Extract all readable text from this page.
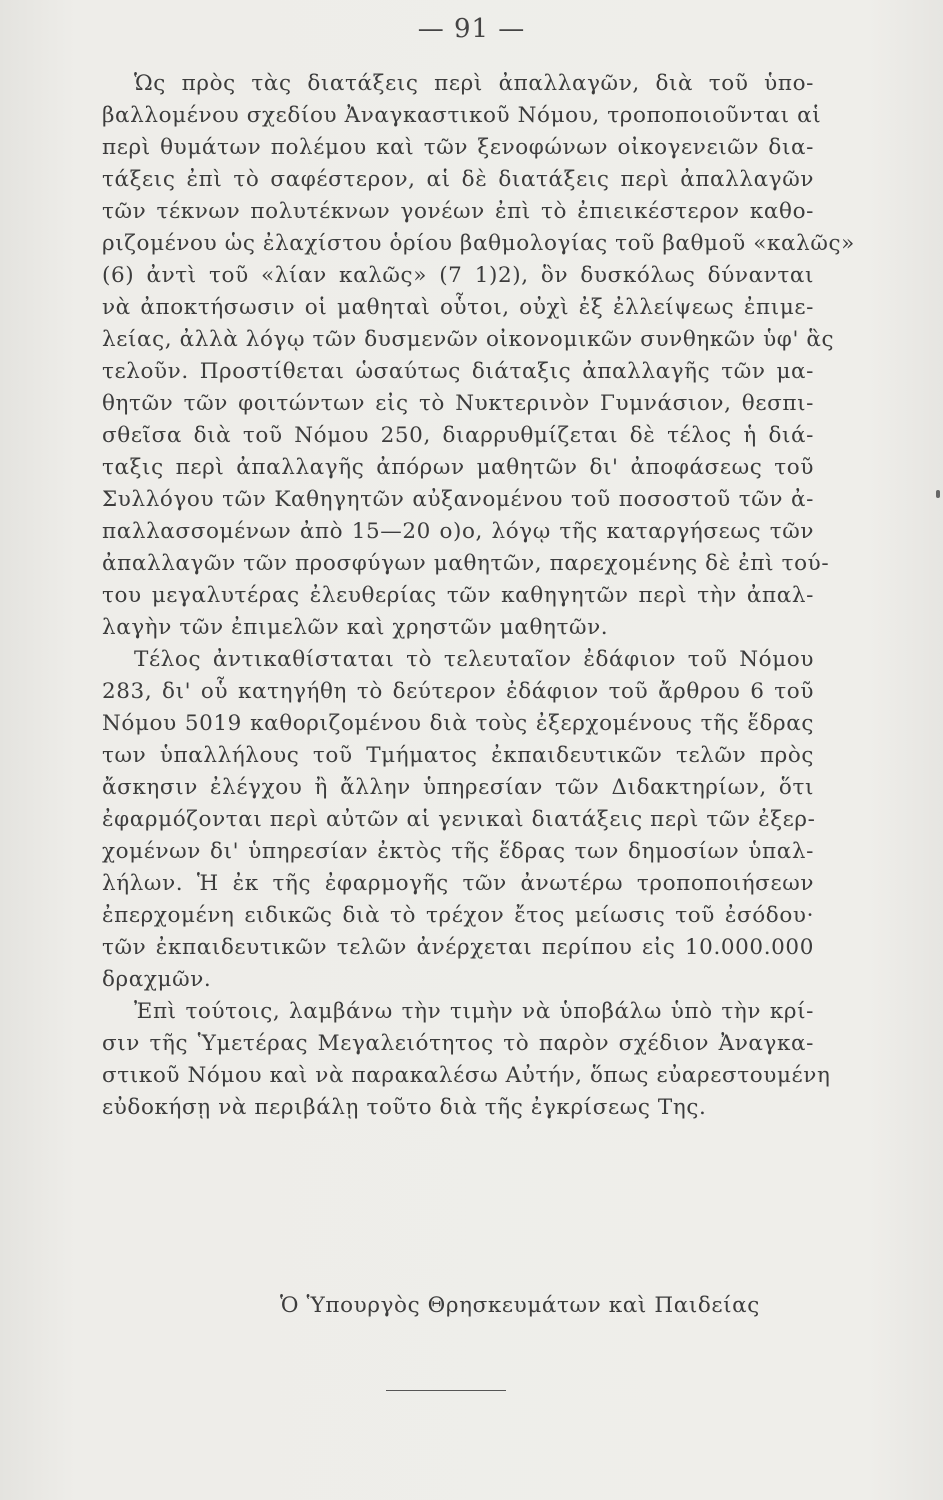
— 91 —
Ὡς πρὸς τὰς διατάξεις περὶ ἀπαλλαγῶν, διὰ τοῦ ὑπο-
βαλλομένου σχεδίου Ἀναγκαστικοῦ Νόμου, τροποποιοῦνται αἱ
περὶ θυμάτων πολέμου καὶ τῶν ξενοφώνων οἰκογενειῶν δια-
τάξεις ἐπὶ τὸ σαφέστερον, αἱ δὲ διατάξεις περὶ ἀπαλλαγῶν
τῶν τέκνων πολυτέκνων γονέων ἐπὶ τὸ ἐπιεικέστερον καθο-
ριζομένου ὡς ἐλαχίστου ὁρίου βαθμολογίας τοῦ βαθμοῦ «καλῶς»
(6) ἀντὶ τοῦ «λίαν καλῶς» (7 1)2), ὃν δυσκόλως δύνανται
νὰ ἀποκτήσωσιν οἱ μαθηταὶ οὗτοι, οὐχὶ ἐξ ἐλλείψεως ἐπιμε-
λείας, ἀλλὰ λόγῳ τῶν δυσμενῶν οἰκονομικῶν συνθηκῶν ὑφ' ἃς
τελοῦν. Προστίθεται ὡσαύτως διάταξις ἀπαλλαγῆς τῶν μα-
θητῶν τῶν φοιτώντων εἰς τὸ Νυκτερινὸν Γυμνάσιον, θεσπι-
σθεῖσα διὰ τοῦ Νόμου 250, διαρρυθμίζεται δὲ τέλος ἡ διά-
ταξις περὶ ἀπαλλαγῆς ἀπόρων μαθητῶν δι' ἀποφάσεως τοῦ
Συλλόγου τῶν Καθηγητῶν αὐξανομένου τοῦ ποσοστοῦ τῶν ἀ-
παλλασσομένων ἀπὸ 15—20 ο)ο, λόγῳ τῆς καταργήσεως τῶν
ἀπαλλαγῶν τῶν προσφύγων μαθητῶν, παρεχομένης δὲ ἐπὶ τού-
του μεγαλυτέρας ἐλευθερίας τῶν καθηγητῶν περὶ τὴν ἀπαλ-
λαγὴν τῶν ἐπιμελῶν καὶ χρηστῶν μαθητῶν.
Τέλος ἀντικαθίσταται τὸ τελευταῖον ἐδάφιον τοῦ Νόμου
283, δι' οὗ κατηγήθη τὸ δεύτερον ἐδάφιον τοῦ ἄρθρου 6 τοῦ
Νόμου 5019 καθοριζομένου διὰ τοὺς ἐξερχομένους τῆς ἕδρας
των ὑπαλλήλους τοῦ Τμήματος ἐκπαιδευτικῶν τελῶν πρὸς
ἄσκησιν ἐλέγχου ἢ ἄλλην ὑπηρεσίαν τῶν Διδακτηρίων, ὅτι
ἐφαρμόζονται περὶ αὐτῶν αἱ γενικαὶ διατάξεις περὶ τῶν ἐξερ-
χομένων δι' ὑπηρεσίαν ἐκτὸς τῆς ἕδρας των δημοσίων ὑπαλ-
λήλων. Ἡ ἐκ τῆς ἐφαρμογῆς τῶν ἀνωτέρω τροποποιήσεων
ἐπερχομένη ειδικῶς διὰ τὸ τρέχον ἔτος μείωσις τοῦ ἐσόδου·
τῶν ἐκπαιδευτικῶν τελῶν ἀνέρχεται περίπου εἰς 10.000.000
δραχμῶν.
Ἐπὶ τούτοις, λαμβάνω τὴν τιμὴν νὰ ὑποβάλω ὑπὸ τὴν κρί-
σιν τῆς Ὑμετέρας Μεγαλειότητος τὸ παρὸν σχέδιον Ἀναγκα-
στικοῦ Νόμου καὶ νὰ παρακαλέσω Αὐτήν, ὅπως εὐαρεστουμένη
εὐδοκήσῃ νὰ περιβάλῃ τοῦτο διὰ τῆς ἐγκρίσεως Της.
Ὁ Ὑπουργὸς Θρησκευμάτων καὶ Παιδείας
